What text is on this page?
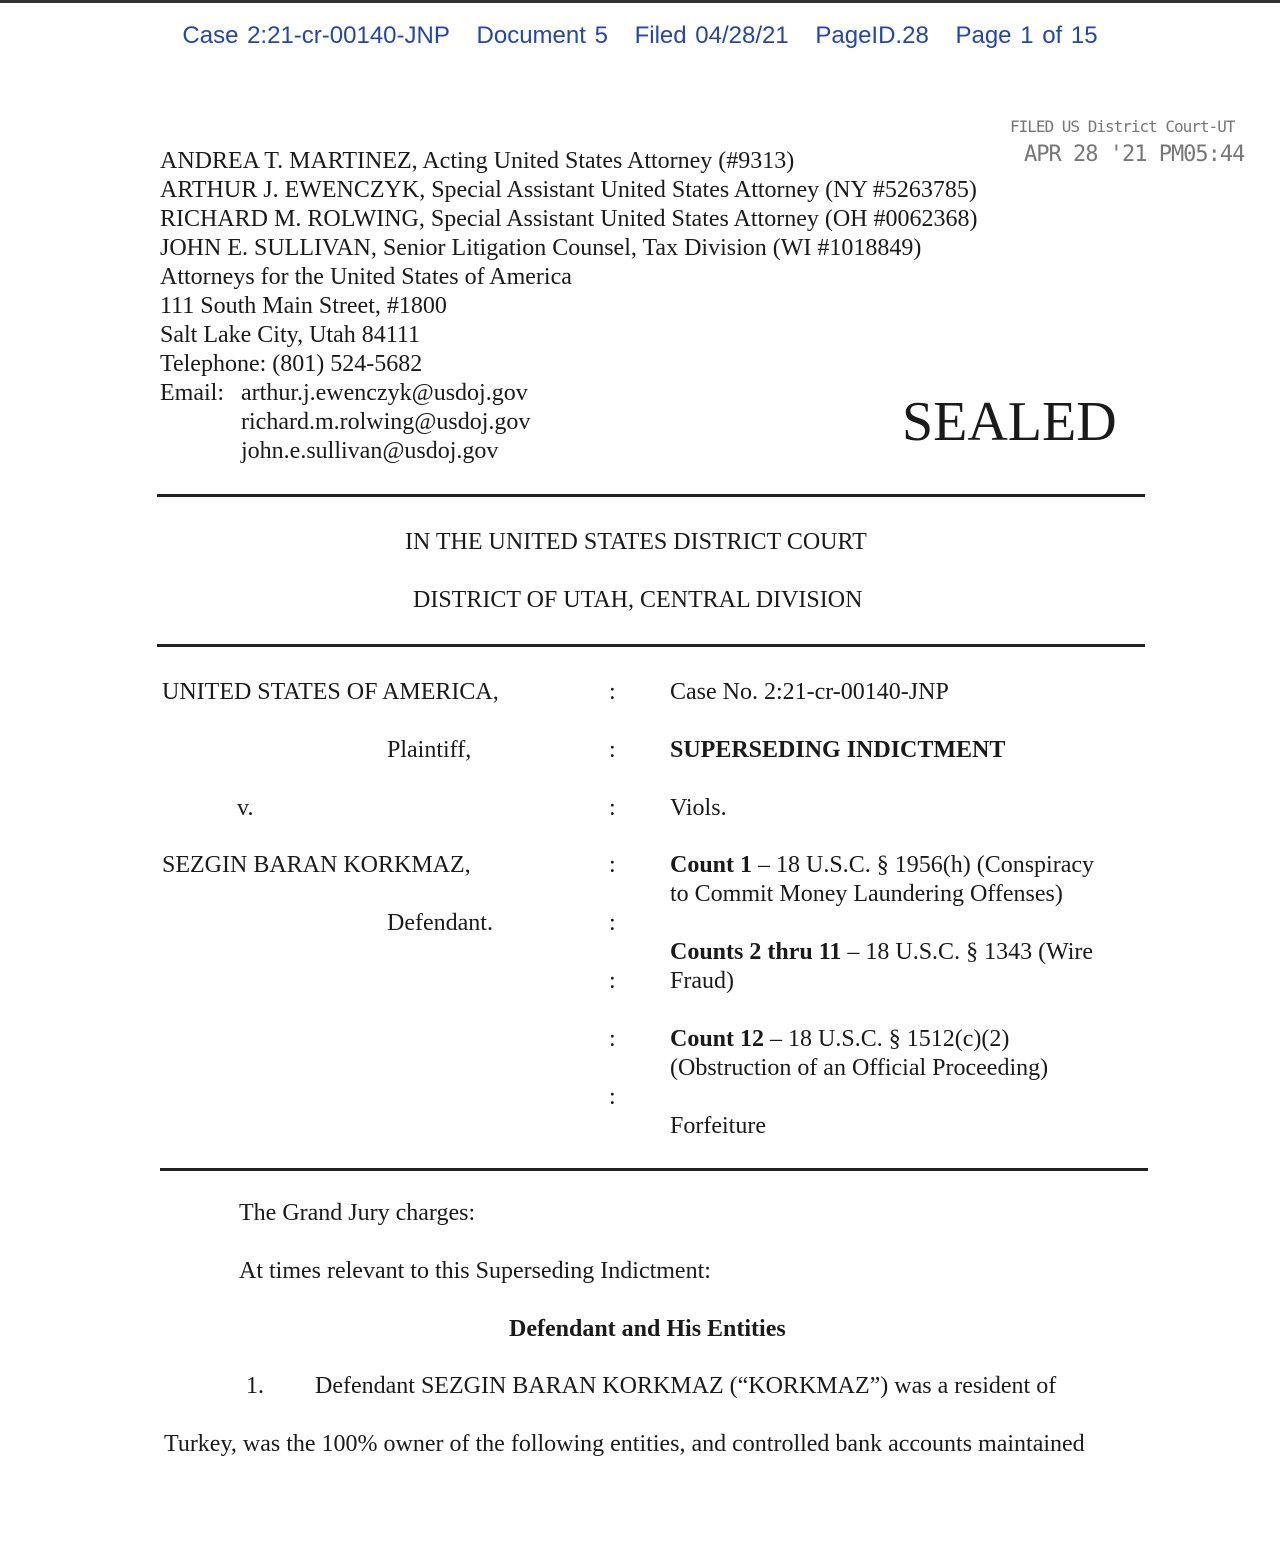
Case 2:21-cr-00140-JNP Document 5 Filed 04/28/21 PageID.28 Page 1 of 15
FILED US District Court-UT
APR 28 '21 PM05:44
ANDREA T. MARTINEZ, Acting United States Attorney (#9313)
ARTHUR J. EWENCZYK, Special Assistant United States Attorney (NY #5263785)
RICHARD M. ROLWING, Special Assistant United States Attorney (OH #0062368)
JOHN E. SULLIVAN, Senior Litigation Counsel, Tax Division (WI #1018849)
Attorneys for the United States of America
111 South Main Street, #1800
Salt Lake City, Utah 84111
Telephone: (801) 524-5682
Email: arthur.j.ewenczyk@usdoj.gov
richard.m.rolwing@usdoj.gov
john.e.sullivan@usdoj.gov	SEALED
IN THE UNITED STATES DISTRICT COURT
DISTRICT OF UTAH, CENTRAL DIVISION
UNITED STATES OF AMERICA,
Plaintiff,
v.
SEZGIN BARAN KORKMAZ,
Defendant.
:
:
:
:
:
:
:
:
Case No. 2:21-cr-00140-JNP
SUPERSEDING INDICTMENT
Viols.
Count 1 – 18 U.S.C. § 1956(h) (Conspiracy
to Commit Money Laundering Offenses)
Counts 2 thru 11 – 18 U.S.C. § 1343 (Wire
Fraud)
Count 12 – 18 U.S.C. § 1512(c)(2)
(Obstruction of an Official Proceeding)
Forfeiture
The Grand Jury charges:
At times relevant to this Superseding Indictment:
Defendant and His Entities
1. Defendant SEZGIN BARAN KORKMAZ (“KORKMAZ”) was a resident of
Turkey, was the 100% owner of the following entities, and controlled bank accounts maintained
